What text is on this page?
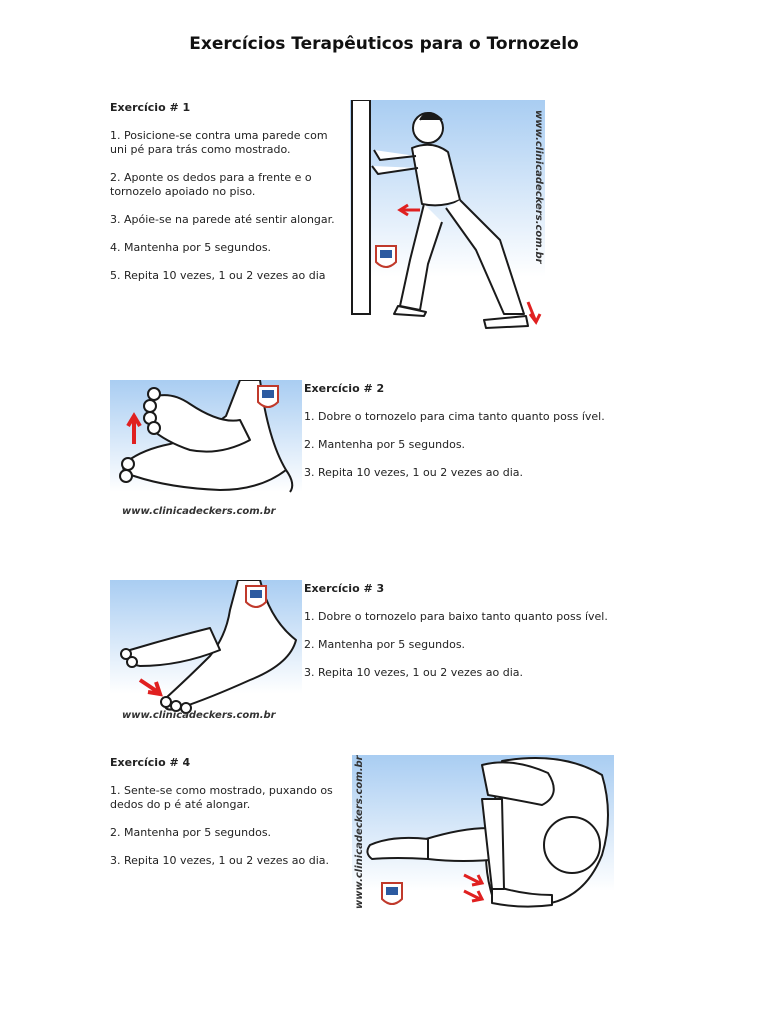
Exercícios Terapêuticos para o Tornozelo
Exercício # 1

1. Posicione-se contra uma parede com uni pé para trás como mostrado.

2. Aponte os dedos para a frente e o tornozelo apoiado no piso.

3. Apóie-se na parede até sentir alongar.

4. Mantenha por 5 segundos.

5. Repita 10 vezes, 1 ou 2 vezes ao dia

www.clinicadeckers.com.br
www.clinicadeckers.com.br
Exercício # 2

1. Dobre o tornozelo para cima tanto quanto poss ível.

2. Mantenha por 5 segundos.

3. Repita 10 vezes, 1 ou 2 vezes ao dia.

www.clinicadeckers.com.br
Exercício # 3

1. Dobre o tornozelo para baixo tanto quanto poss ível.

2. Mantenha por 5 segundos.

3. Repita 10 vezes, 1 ou 2 vezes ao dia.

Exercício # 4

1. Sente-se como mostrado, puxando os dedos do p é até alongar.

2. Mantenha por 5 segundos.

3. Repita 10 vezes, 1 ou 2 vezes ao dia.	www.clinicadeckers.com.br
